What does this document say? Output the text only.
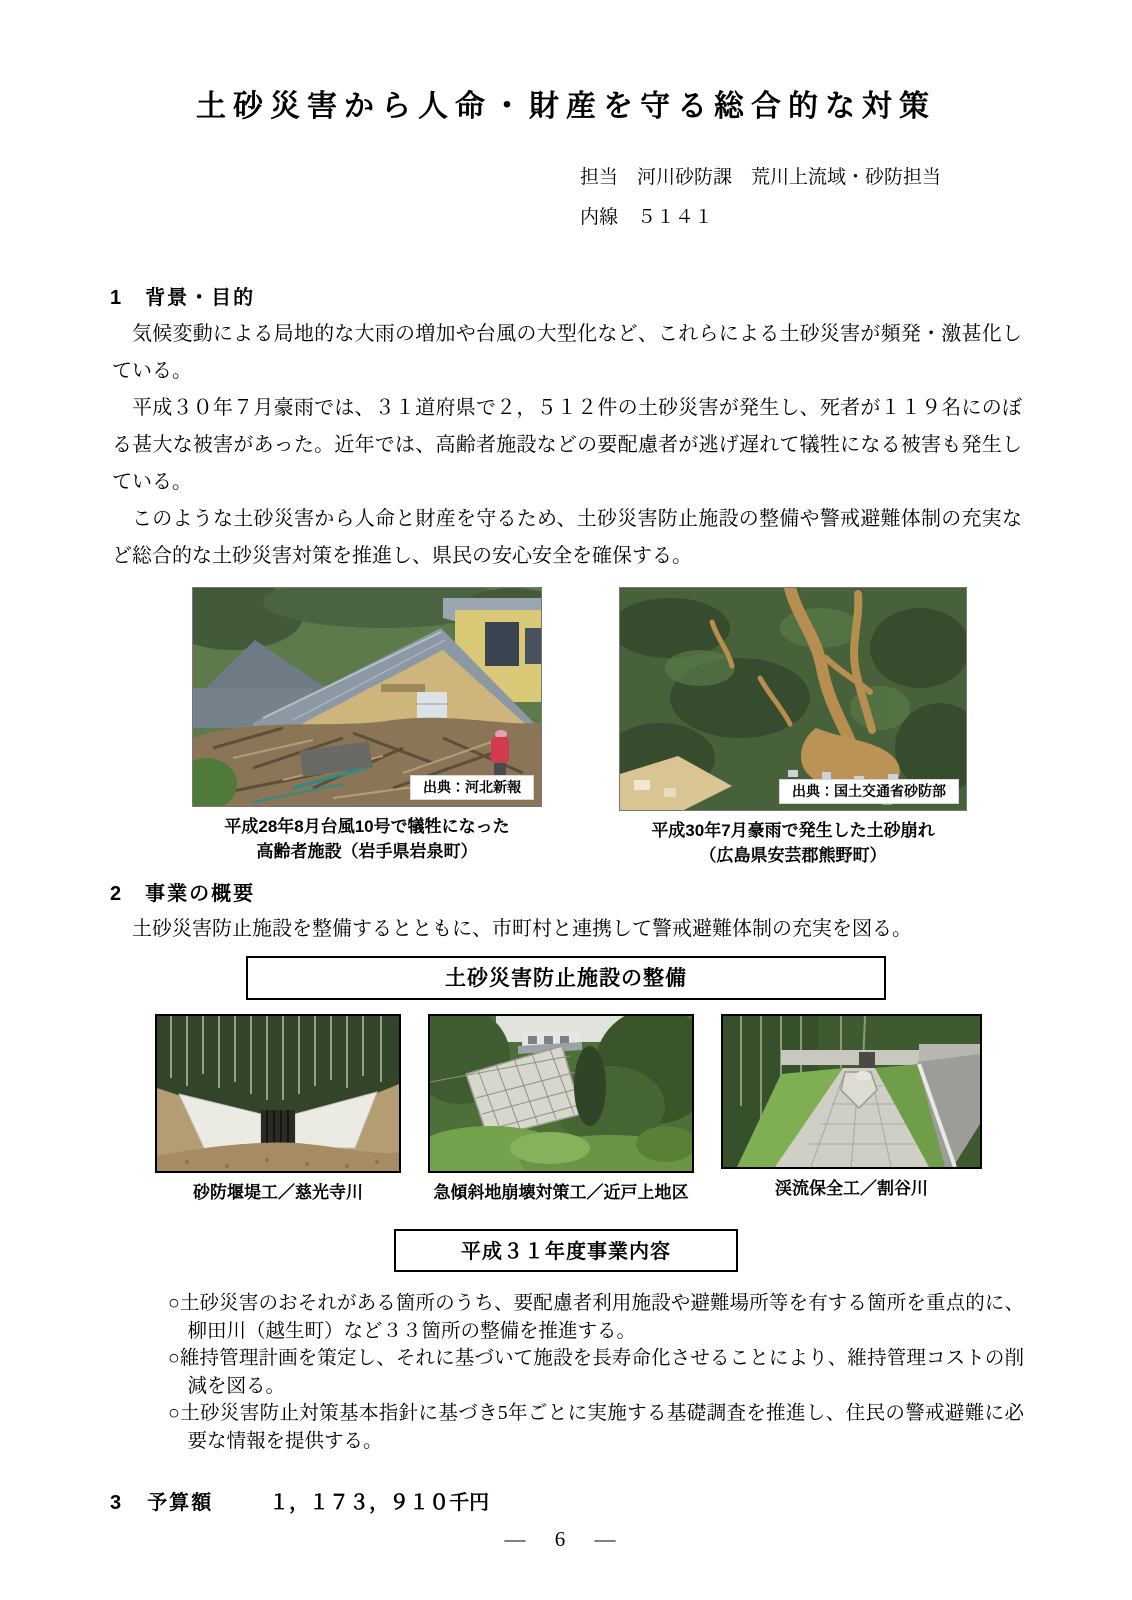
土砂災害から人命・財産を守る総合的な対策
担当　河川砂防課　荒川上流域・砂防担当
内線　５１４１
1 背景・目的

気候変動による局地的な大雨の増加や台風の大型化など、これらによる土砂災害が頻発・激甚化している。

平成３０年７月豪雨では、３１道府県で２，５１２件の土砂災害が発生し、死者が１１９名にのぼる甚大な被害があった。近年では、高齢者施設などの要配慮者が逃げ遅れて犠牲になる被害も発生している。

このような土砂災害から人命と財産を守るため、土砂災害防止施設の整備や警戒避難体制の充実など総合的な土砂災害対策を推進し、県民の安心安全を確保する。

出典：河北新報
平成28年8月台風10号で犠牲になった
高齢者施設（岩手県岩泉町）
出典：国土交通省砂防部
平成30年7月豪雨で発生した土砂崩れ
（広島県安芸郡熊野町）
2 事業の概要

土砂災害防止施設を整備するとともに、市町村と連携して警戒避難体制の充実を図る。

土砂災害防止施設の整備
砂防堰堤工／慈光寺川	急傾斜地崩壊対策工／近戸上地区	渓流保全工／割谷川
平成３１年度事業内容
○土砂災害のおそれがある箇所のうち、要配慮者利用施設や避難場所等を有する箇所を重点的に、柳田川（越生町）など３３箇所の整備を推進する。
○維持管理計画を策定し、それに基づいて施設を長寿命化させることにより、維持管理コストの削減を図る。
○土砂災害防止対策基本指針に基づき5年ごとに実施する基礎調査を推進し、住民の警戒避難に必要な情報を提供する。
3 予算額	１，１７３，９１０千円
― 6 ―
